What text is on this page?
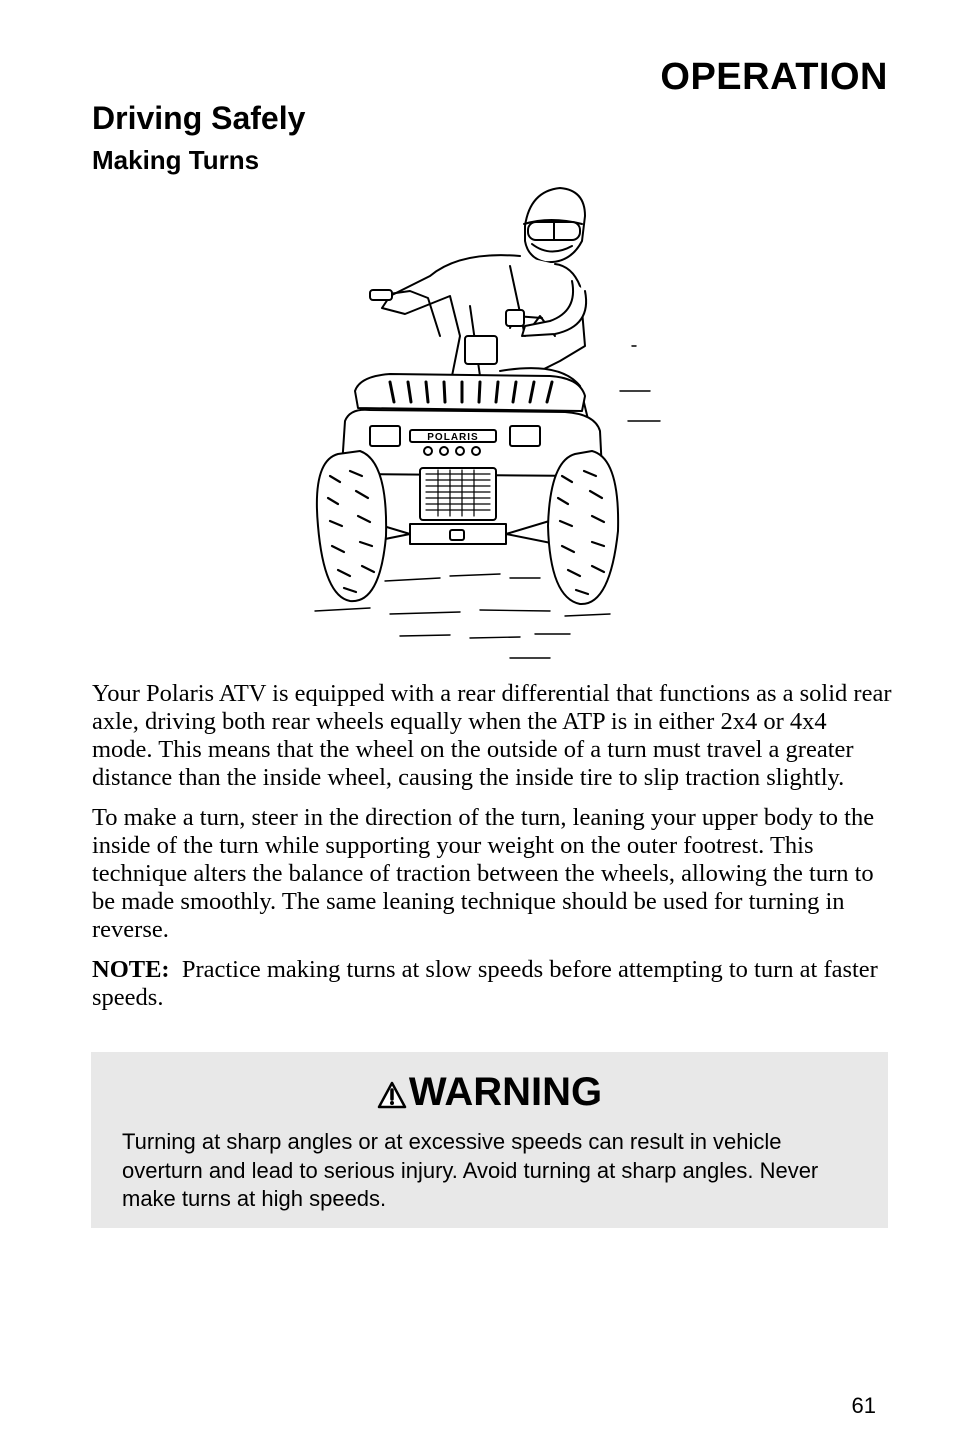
OPERATION
Driving Safely
Making Turns
POLARIS

Your Polaris ATV is equipped with a rear differential that functions as a solid rear axle, driving both rear wheels equally when the ATP is in either 2x4 or 4x4 mode. This means that the wheel on the outside of a turn must travel a greater distance than the inside wheel, causing the inside tire to slip traction slightly.

To make a turn, steer in the direction of the turn, leaning your upper body to the inside of the turn while supporting your weight on the outer footrest. This technique alters the balance of traction between the wheels, allowing the turn to be made smoothly. The same leaning technique should be used for turning in reverse.

NOTE: Practice making turns at slow speeds before attempting to turn at faster speeds.

WARNING
Turning at sharp angles or at excessive speeds can result in vehicle overturn and lead to serious injury. Avoid turning at sharp angles. Never make turns at high speeds.
61
